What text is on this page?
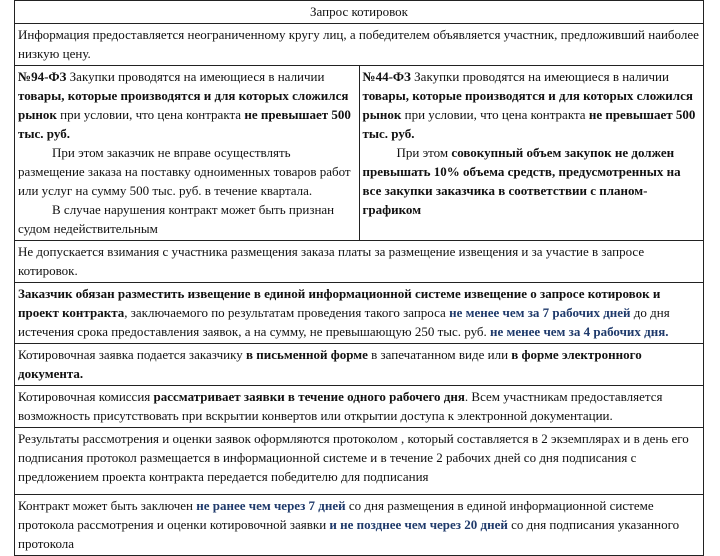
Запрос котировок

Информация предоставляется неограниченному кругу лиц, а победителем объявляется участник, предложивший наиболее низкую цену.

№94-ФЗ Закупки проводятся на имеющиеся в наличии товары, которые производятся и для которых сложился рынок при условии, что цена контракта не превышает 500 тыс. руб.
При этом заказчик не вправе осуществлять размещение заказа на поставку одноименных товаров работ или услуг на сумму 500 тыс. руб. в течение квартала.
В случае нарушения контракт может быть признан судом недействительным

№44-ФЗ Закупки проводятся на имеющиеся в наличии товары, которые производятся и для которых сложился рынок при условии, что цена контракта не превышает 500 тыс. руб.
При этом совокупный объем закупок не должен превышать 10% объема средств, предусмотренных на все закупки заказчика в соответствии с планом-графиком

Не допускается взимания с участника размещения заказа платы за размещение извещения и за участие в запросе котировок.

Заказчик обязан разместить извещение в единой информационной системе извещение о запросе котировок и проект контракта, заключаемого по результатам проведения такого запроса не менее чем за 7 рабочих дней до дня истечения срока предоставления заявок, а на сумму, не превышающую 250 тыс. руб. не менее чем за 4 рабочих дня.

Котировочная заявка подается заказчику в письменной форме в запечатанном виде или в форме электронного документа.

Котировочная комиссия рассматривает заявки в течение одного рабочего дня. Всем участникам предоставляется возможность присутствовать при вскрытии конвертов или открытии доступа к электронной документации.

Результаты рассмотрения и оценки заявок оформляются протоколом , который составляется в 2 экземплярах и в день его подписания протокол размещается в информационной системе и в течение 2 рабочих дней со дня подписания с предложением проекта контракта передается победителю для подписания

Контракт может быть заключен не ранее чем через 7 дней со дня размещения в единой информационной системе протокола рассмотрения и оценки котировочной заявки и не позднее чем через 20 дней со дня подписания указанного протокола
